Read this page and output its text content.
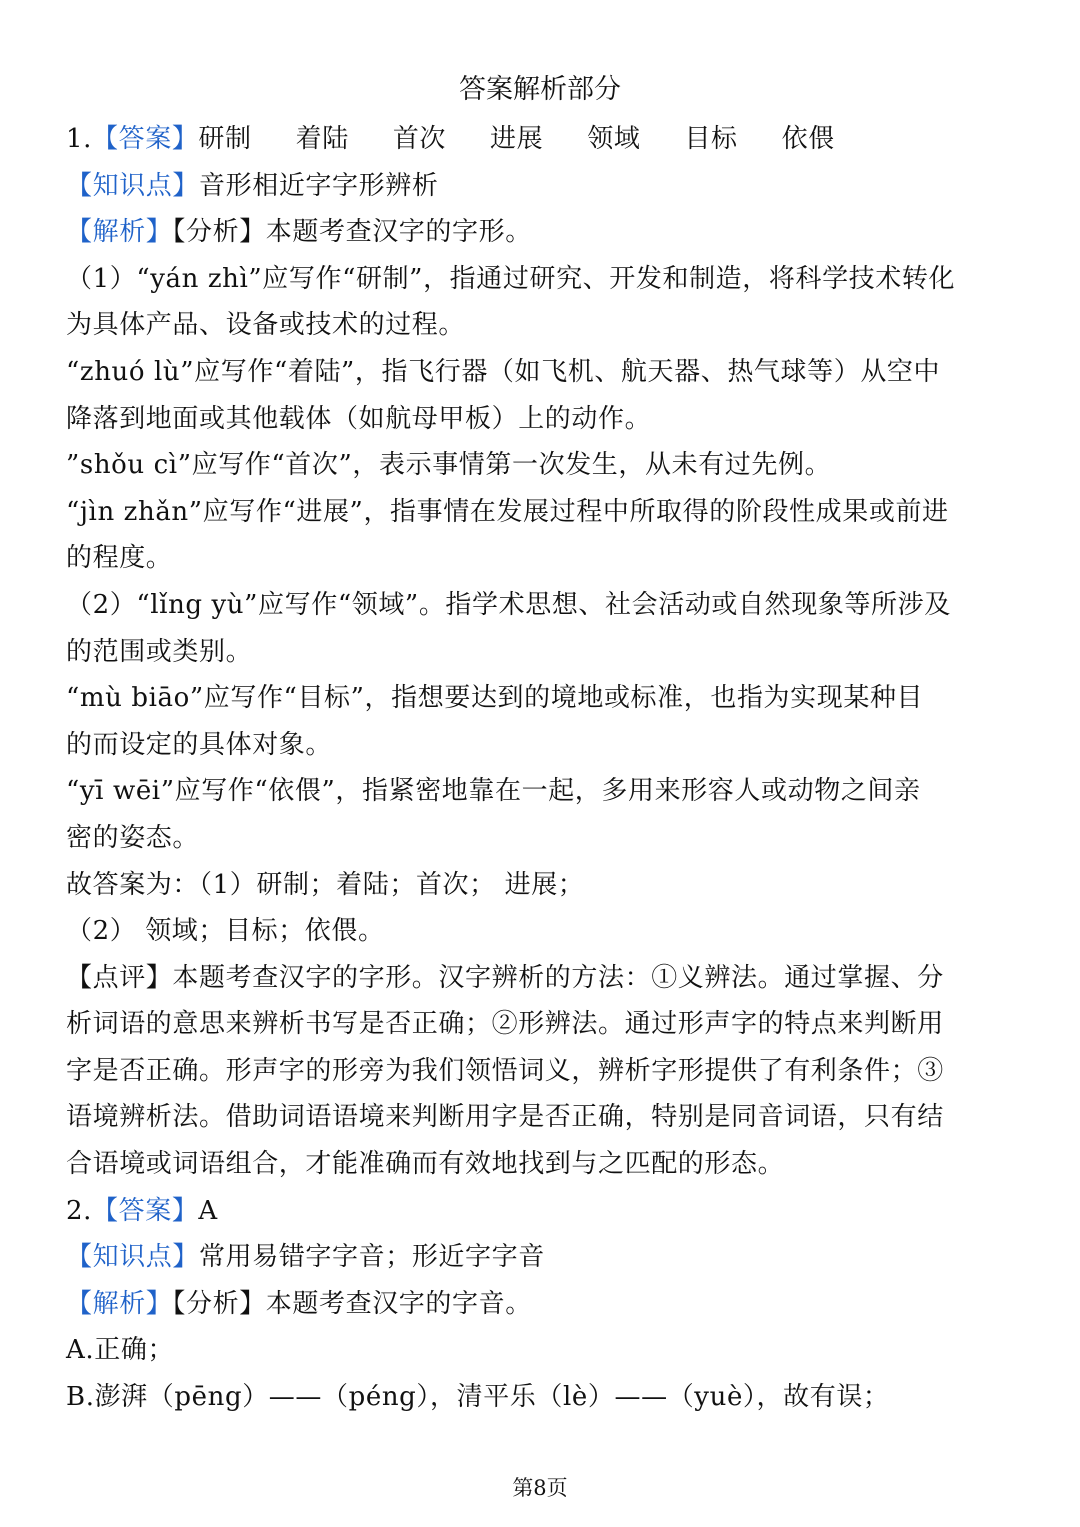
答案解析部分
1.【答案】研制 着陆 首次 进展 领域 目标 依偎
【知识点】音形相近字字形辨析
【解析】【分析】本题考查汉字的字形。
（1）“yán zhì”应写作“研制”，指通过研究、开发和制造，将科学技术转化
为具体产品、设备或技术的过程。
“zhuó lù”应写作“着陆”，指飞行器（如飞机、航天器、热气球等）从空中
降落到地面或其他载体（如航母甲板）上的动作。
”shǒu cì”应写作“首次”，表示事情第一次发生，从未有过先例。
“jìn zhǎn”应写作“进展”，指事情在发展过程中所取得的阶段性成果或前进
的程度。
（2）“lǐng yù”应写作“领域”。指学术思想、社会活动或自然现象等所涉及
的范围或类别。
“mù biāo”应写作“目标”，指想要达到的境地或标准，也指为实现某种目
的而设定的具体对象。
“yī wēi”应写作“依偎”，指紧密地靠在一起，多用来形容人或动物之间亲
密的姿态。
故答案为：（1）研制；着陆；首次； 进展；
（2） 领域；目标；依偎。
【点评】本题考查汉字的字形。汉字辨析的方法：①义辨法。通过掌握、分
析词语的意思来辨析书写是否正确；②形辨法。通过形声字的特点来判断用
字是否正确。形声字的形旁为我们领悟词义，辨析字形提供了有利条件；③
语境辨析法。借助词语语境来判断用字是否正确，特别是同音词语，只有结
合语境或词语组合，才能准确而有效地找到与之匹配的形态。
2.【答案】A
【知识点】常用易错字字音；形近字字音
【解析】【分析】本题考查汉字的字音。
A.正确；
B.澎湃（pēng）——（péng），清平乐（lè）——（yuè），故有误；
第8页
